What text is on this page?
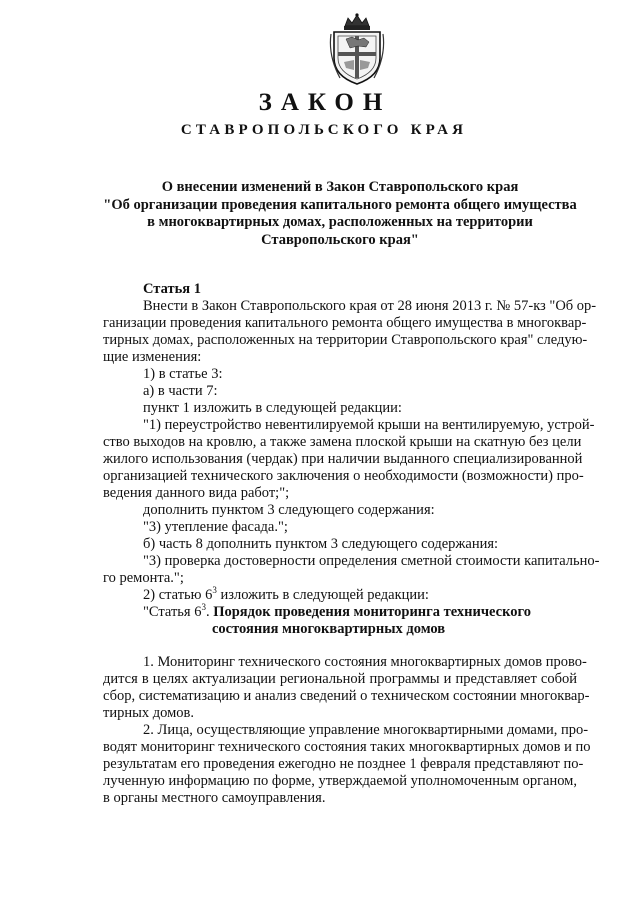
ЗАКОН
СТАВРОПОЛЬСКОГО КРАЯ
О внесении изменений в Закон Ставропольского края
"Об организации проведения капитального ремонта общего имущества
в многоквартирных домах, расположенных на территории
Ставропольского края"
Статья 1
Внести в Закон Ставропольского края от 28 июня 2013 г. № 57-кз "Об ор-
ганизации проведения капитального ремонта общего имущества в многоквар-
тирных домах, расположенных на территории Ставропольского края" следую-
щие изменения:
1) в статье 3:
а) в части 7:
пункт 1 изложить в следующей редакции:
"1) переустройство невентилируемой крыши на вентилируемую, устрой-
ство выходов на кровлю, а также замена плоской крыши на скатную без цели
жилого использования (чердак) при наличии выданного специализированной
организацией технического заключения о необходимости (возможности) про-
ведения данного вида работ;";
дополнить пунктом 3 следующего содержания:
"3) утепление фасада.";
б) часть 8 дополнить пунктом 3 следующего содержания:
"3) проверка достоверности определения сметной стоимости капитально-
го ремонта.";
2) статью $6^3$ изложить в следующей редакции:
"Статья $6^3$. Порядок проведения мониторинга технического
состояния многоквартирных домов
1. Мониторинг технического состояния многоквартирных домов прово-
дится в целях актуализации региональной программы и представляет собой
сбор, систематизацию и анализ сведений о техническом состоянии многоквар-
тирных домов.
2. Лица, осуществляющие управление многоквартирными домами, про-
водят мониторинг технического состояния таких многоквартирных домов и по
результатам его проведения ежегодно не позднее 1 февраля представляют по-
лученную информацию по форме, утверждаемой уполномоченным органом,
в органы местного самоуправления.
